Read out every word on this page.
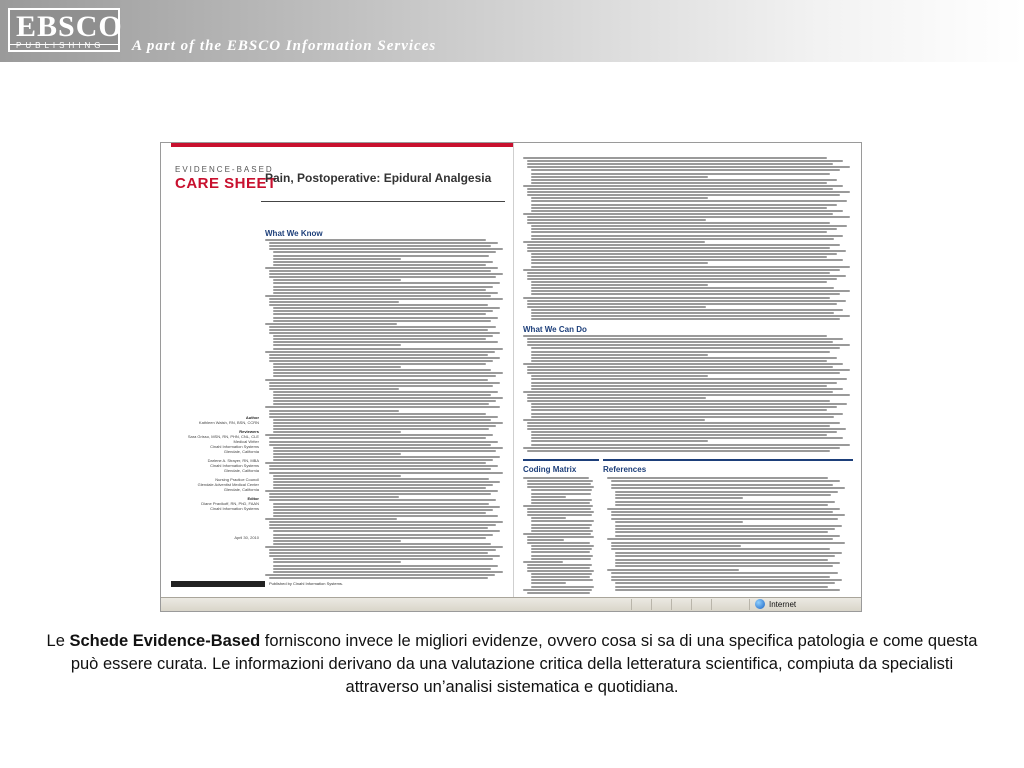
EBSCO
PUBLISHING A part of the EBSCO Information Services
EVIDENCE-BASED
CARE SHEET
Pain, Postoperative: Epidural Analgesia
What We Know
Author
Kathleen Walsh, RN, BSN, CCRN
Reviewers
Sara Grisso, MSN, RN, PHN, CNL, CLE
Medical Writer
Cinahl Information Systems
Glendale, California
Darlene A. Strayer, RN, MBA
Cinahl Information Systems
Glendale, California
Nursing Practice Council
Glendale Adventist Medical Center
Glendale, California
Editor
Diane Pravikoff, RN, PhD, FAAN
Cinahl Information Systems
April 30, 2010
Published by Cinahl Information Systems.
What We Can Do
Coding Matrix	References
Internet
Le Schede Evidence-Based forniscono invece le migliori evidenze, ovvero cosa si sa di una specifica patologia e come questa può essere curata. Le informazioni derivano da una valutazione critica della letteratura scientifica, compiuta da specialisti attraverso un’analisi sistematica e quotidiana.
